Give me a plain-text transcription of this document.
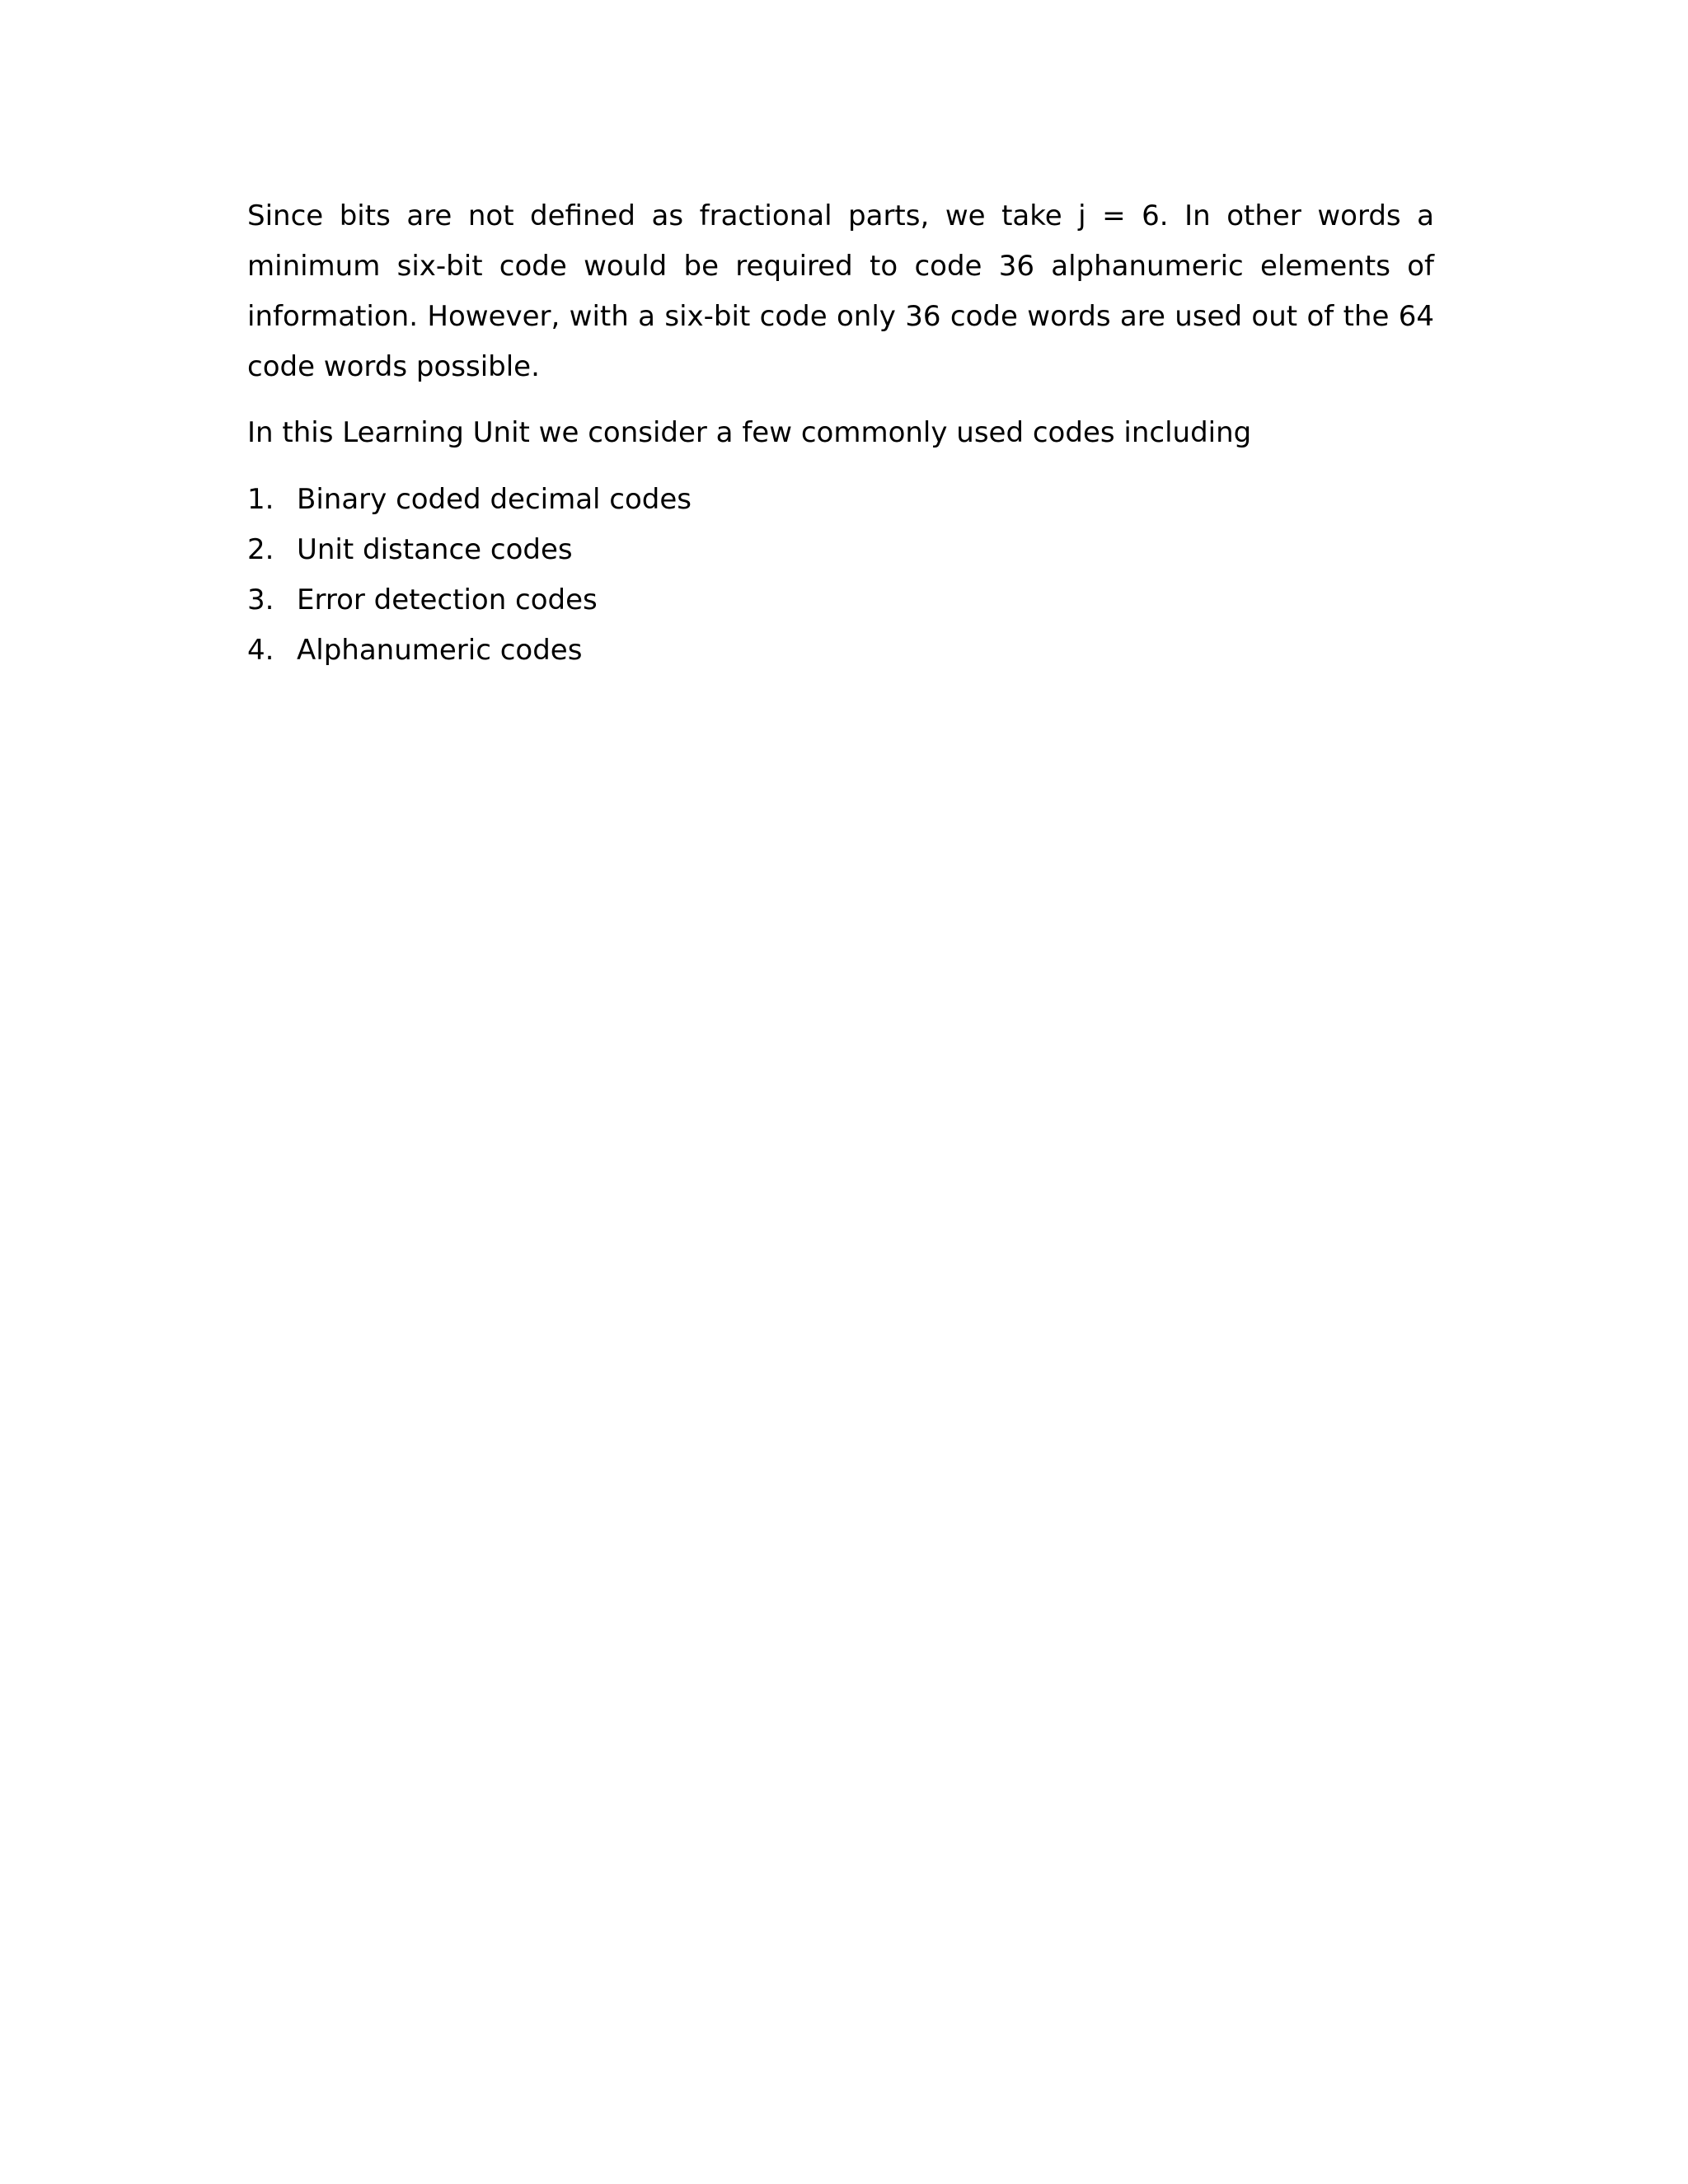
Since bits are not defined as fractional parts, we take j = 6. In other words a minimum six-bit code would be required to code 36 alphanumeric elements of information. However, with a six-bit code only 36 code words are used out of the 64 code words possible.

In this Learning Unit we consider a few commonly used codes including

1. Binary coded decimal codes
2. Unit distance codes
3. Error detection codes
4. Alphanumeric codes
